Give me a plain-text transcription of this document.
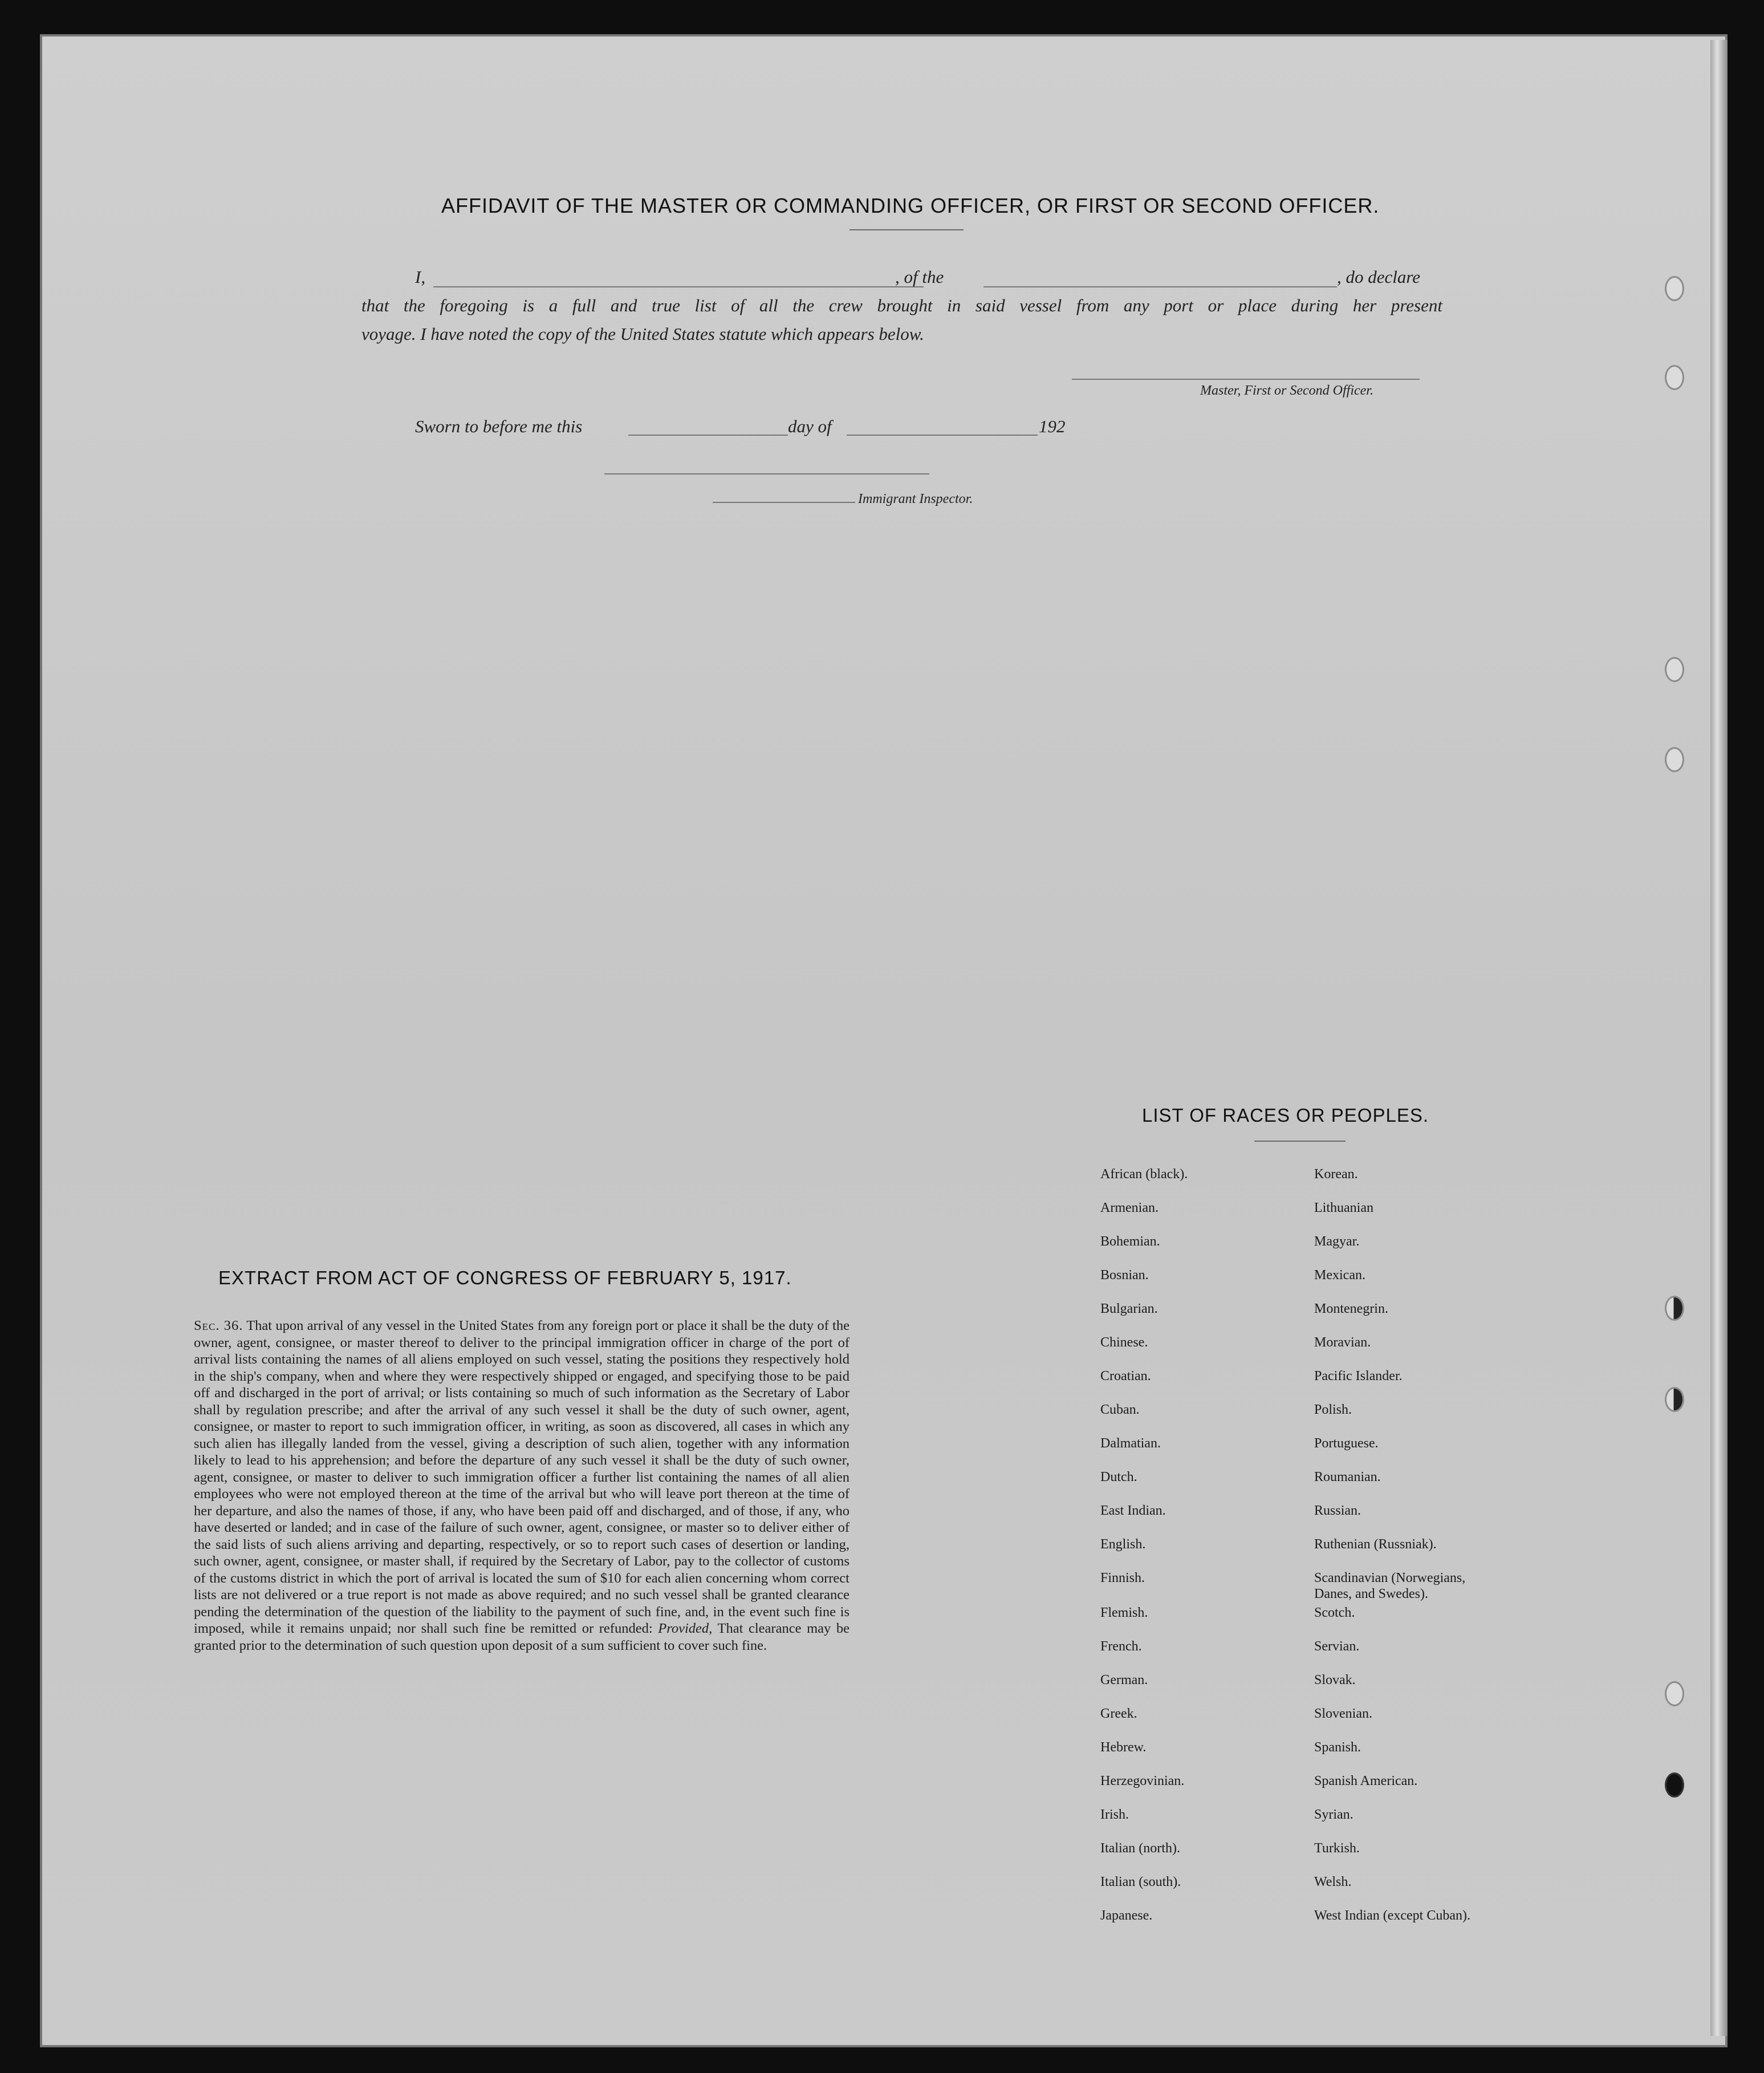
AFFIDAVIT OF THE MASTER OR COMMANDING OFFICER, OR FIRST OR SECOND OFFICER.
I,	, of the	, do declare
that the foregoing is a full and true list of all the crew brought in said vessel from any port or place during her present
voyage. I have noted the copy of the United States statute which appears below.
Master, First or Second Officer.
Sworn to before me this	day of	192
Immigrant Inspector.
LIST OF RACES OR PEOPLES.
African (black).	Korean.
Armenian.	Lithuanian
Bohemian.	Magyar.
Bosnian.	Mexican.
Bulgarian.	Montenegrin.
Chinese.	Moravian.
Croatian.	Pacific Islander.
Cuban.	Polish.
Dalmatian.	Portuguese.
Dutch.	Roumanian.
East Indian.	Russian.
English.	Ruthenian (Russniak).
Finnish.	Scandinavian (Norwegians,
Danes, and Swedes).
Flemish.	Scotch.
French.	Servian.
German.	Slovak.
Greek.	Slovenian.
Hebrew.	Spanish.
Herzegovinian.	Spanish American.
Irish.	Syrian.
Italian (north).	Turkish.
Italian (south).	Welsh.
Japanese.	West Indian (except Cuban).
EXTRACT FROM ACT OF CONGRESS OF FEBRUARY 5, 1917.
Sec. 36. That upon arrival of any vessel in the United States from any foreign port or place it shall be the duty of the owner, agent, consignee, or master thereof to deliver to the principal immigration officer in charge of the port of arrival lists containing the names of all aliens employed on such vessel, stating the positions they respectively hold in the ship's company, when and where they were respectively shipped or engaged, and specifying those to be paid off and discharged in the port of arrival; or lists containing so much of such information as the Secretary of Labor shall by regulation prescribe; and after the arrival of any such vessel it shall be the duty of such owner, agent, consignee, or master to report to such immigration officer, in writing, as soon as discovered, all cases in which any such alien has illegally landed from the vessel, giving a description of such alien, together with any information likely to lead to his apprehension; and before the departure of any such vessel it shall be the duty of such owner, agent, consignee, or master to deliver to such immigration officer a further list containing the names of all alien employees who were not employed thereon at the time of the arrival but who will leave port thereon at the time of her departure, and also the names of those, if any, who have been paid off and discharged, and of those, if any, who have deserted or landed; and in case of the failure of such owner, agent, consignee, or master so to deliver either of the said lists of such aliens arriving and departing, respectively, or so to report such cases of desertion or landing, such owner, agent, consignee, or master shall, if required by the Secretary of Labor, pay to the collector of customs of the customs district in which the port of arrival is located the sum of $10 for each alien concerning whom correct lists are not delivered or a true report is not made as above required; and no such vessel shall be granted clearance pending the determination of the question of the liability to the payment of such fine, and, in the event such fine is imposed, while it remains unpaid; nor shall such fine be remitted or refunded: Provided, That clearance may be granted prior to the determination of such question upon deposit of a sum sufficient to cover such fine.
